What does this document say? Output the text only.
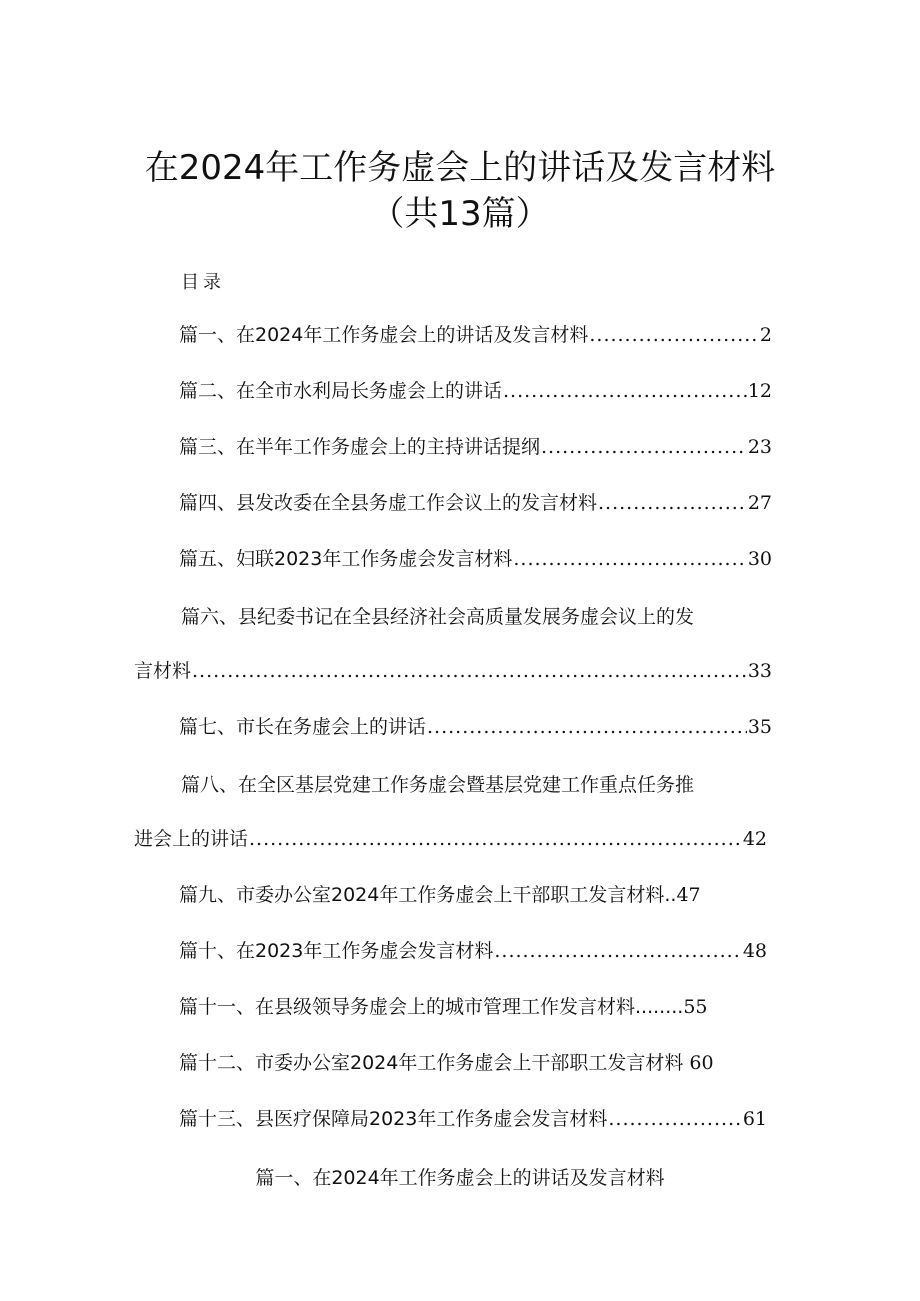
在2024年工作务虚会上的讲话及发言材料
（共13篇）
目录
篇一、在2024年工作务虚会上的讲话及发言材料 .....	2
篇二、在全市水利局长务虚会上的讲话 .....	12
篇三、在半年工作务虚会上的主持讲话提纲 .....	23
篇四、县发改委在全县务虚工作会议上的发言材料 .....	27
篇五、妇联2023年工作务虚会发言材料 .....	30
篇六、县纪委书记在全县经济社会高质量发展务虚会议上的发
言材料 .....	33
篇七、市长在务虚会上的讲话 .....	35
篇八、在全区基层党建工作务虚会暨基层党建工作重点任务推
进会上的讲话 .....	42
篇九、市委办公室2024年工作务虚会上干部职工发言材料.. 47
篇十、在2023年工作务虚会发言材料 .....	48
篇十一、在县级领导务虚会上的城市管理工作发言材料........ 55
篇十二、市委办公室2024年工作务虚会上干部职工发言材料 60
篇十三、县医疗保障局2023年工作务虚会发言材料 .....	61
篇一、在2024年工作务虚会上的讲话及发言材料
